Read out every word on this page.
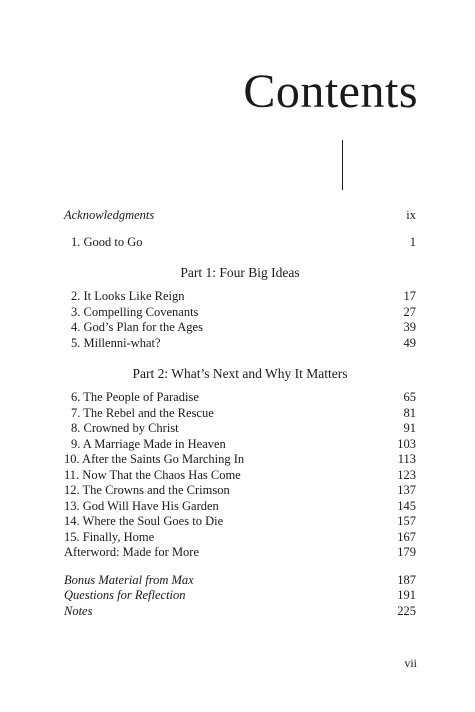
Contents
Acknowledgments	ix
1. Good to Go	1
Part 1: Four Big Ideas
2. It Looks Like Reign	17
3. Compelling Covenants	27
4. God’s Plan for the Ages	39
5. Millenni-what?	49
Part 2: What’s Next and Why It Matters
6. The People of Paradise	65
7. The Rebel and the Rescue	81
8. Crowned by Christ	91
9. A Marriage Made in Heaven	103
10. After the Saints Go Marching In	113
11. Now That the Chaos Has Come	123
12. The Crowns and the Crimson	137
13. God Will Have His Garden	145
14. Where the Soul Goes to Die	157
15. Finally, Home	167
Afterword: Made for More	179
Bonus Material from Max	187
Questions for Reflection	191
Notes	225
vii
